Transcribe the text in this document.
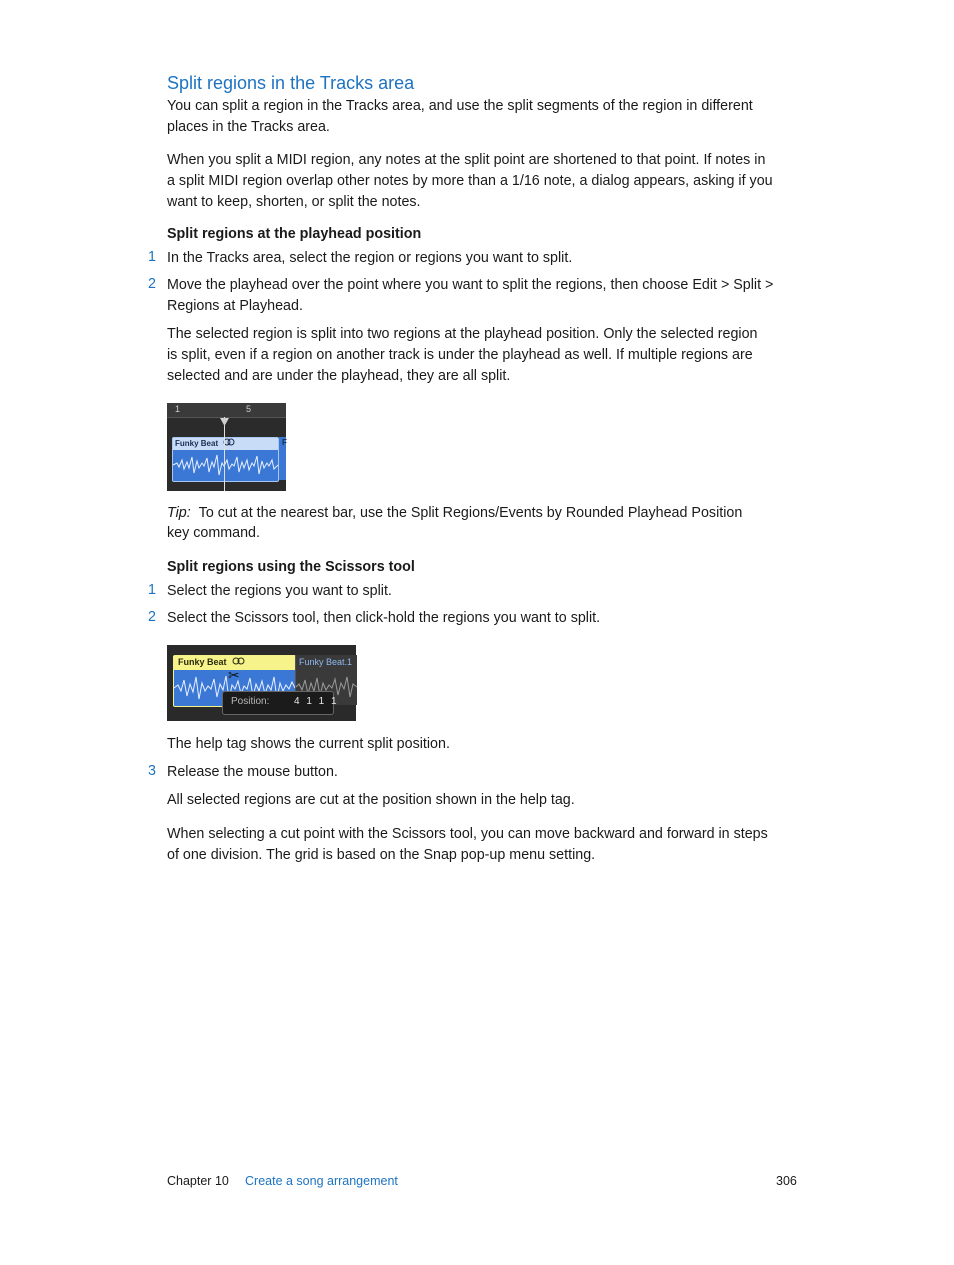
Split regions in the Tracks area
You can split a region in the Tracks area, and use the split segments of the region in different
places in the Tracks area.
When you split a MIDI region, any notes at the split point are shortened to that point. If notes in
a split MIDI region overlap other notes by more than a 1/16 note, a dialog appears, asking if you
want to keep, shorten, or split the notes.
Split regions at the playhead position
1 In the Tracks area, select the region or regions you want to split.
2 Move the playhead over the point where you want to split the regions, then choose Edit > Split >
Regions at Playhead.
The selected region is split into two regions at the playhead position. Only the selected region
is split, even if a region on another track is under the playhead as well. If multiple regions are
selected and are under the playhead, they are all split.
1	5
Funky Beat	F
Tip: To cut at the nearest bar, use the Split Regions/Events by Rounded Playhead Position
key command.
Split regions using the Scissors tool
1 Select the regions you want to split.
2 Select the Scissors tool, then click-hold the regions you want to split.
Funky Beat	Funky Beat.1
✂
Position: 4 1 1 1
The help tag shows the current split position.
3 Release the mouse button.
All selected regions are cut at the position shown in the help tag.
When selecting a cut point with the Scissors tool, you can move backward and forward in steps
of one division. The grid is based on the Snap pop-up menu setting.
Chapter 10 Create a song arrangement	306
